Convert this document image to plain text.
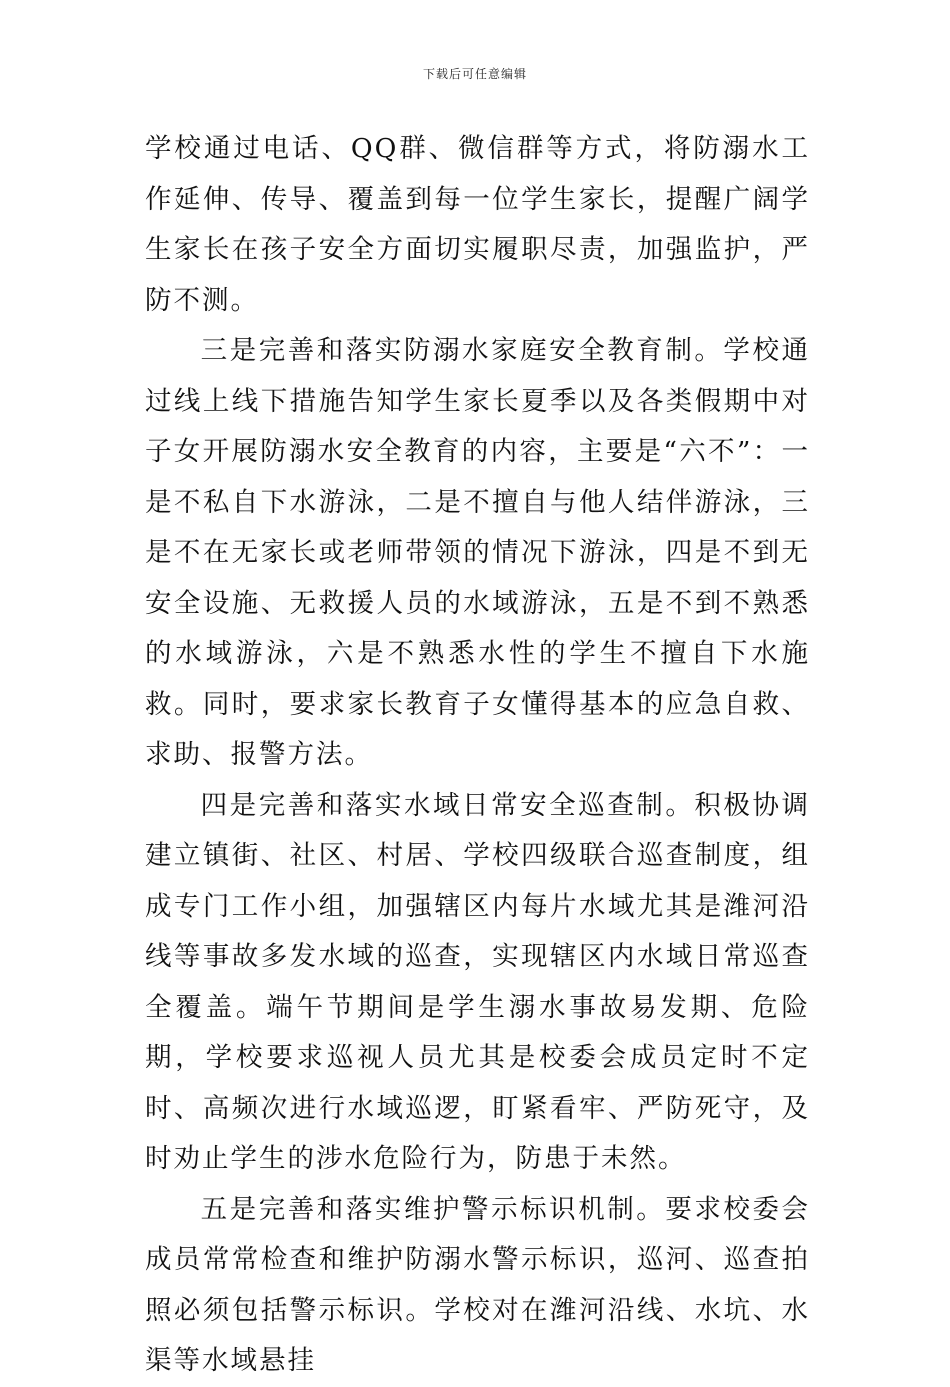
下载后可任意编辑

学校通过电话、QQ群、微信群等方式，将防溺水工作延伸、传导、覆盖到每一位学生家长，提醒广阔学生家长在孩子安全方面切实履职尽责，加强监护，严防不测。

三是完善和落实防溺水家庭安全教育制。学校通过线上线下措施告知学生家长夏季以及各类假期中对子女开展防溺水安全教育的内容，主要是“六不”：一是不私自下水游泳，二是不擅自与他人结伴游泳，三是不在无家长或老师带领的情况下游泳，四是不到无安全设施、无救援人员的水域游泳，五是不到不熟悉的水域游泳，六是不熟悉水性的学生不擅自下水施救。同时，要求家长教育子女懂得基本的应急自救、求助、报警方法。

四是完善和落实水域日常安全巡查制。积极协调建立镇街、社区、村居、学校四级联合巡查制度，组成专门工作小组，加强辖区内每片水域尤其是潍河沿线等事故多发水域的巡查，实现辖区内水域日常巡查全覆盖。端午节期间是学生溺水事故易发期、危险期，学校要求巡视人员尤其是校委会成员定时不定时、高频次进行水域巡逻，盯紧看牢、严防死守，及时劝止学生的涉水危险行为，防患于未然。

五是完善和落实维护警示标识机制。要求校委会成员常常检查和维护防溺水警示标识，巡河、巡查拍照必须包括警示标识。学校对在潍河沿线、水坑、水渠等水域悬挂
